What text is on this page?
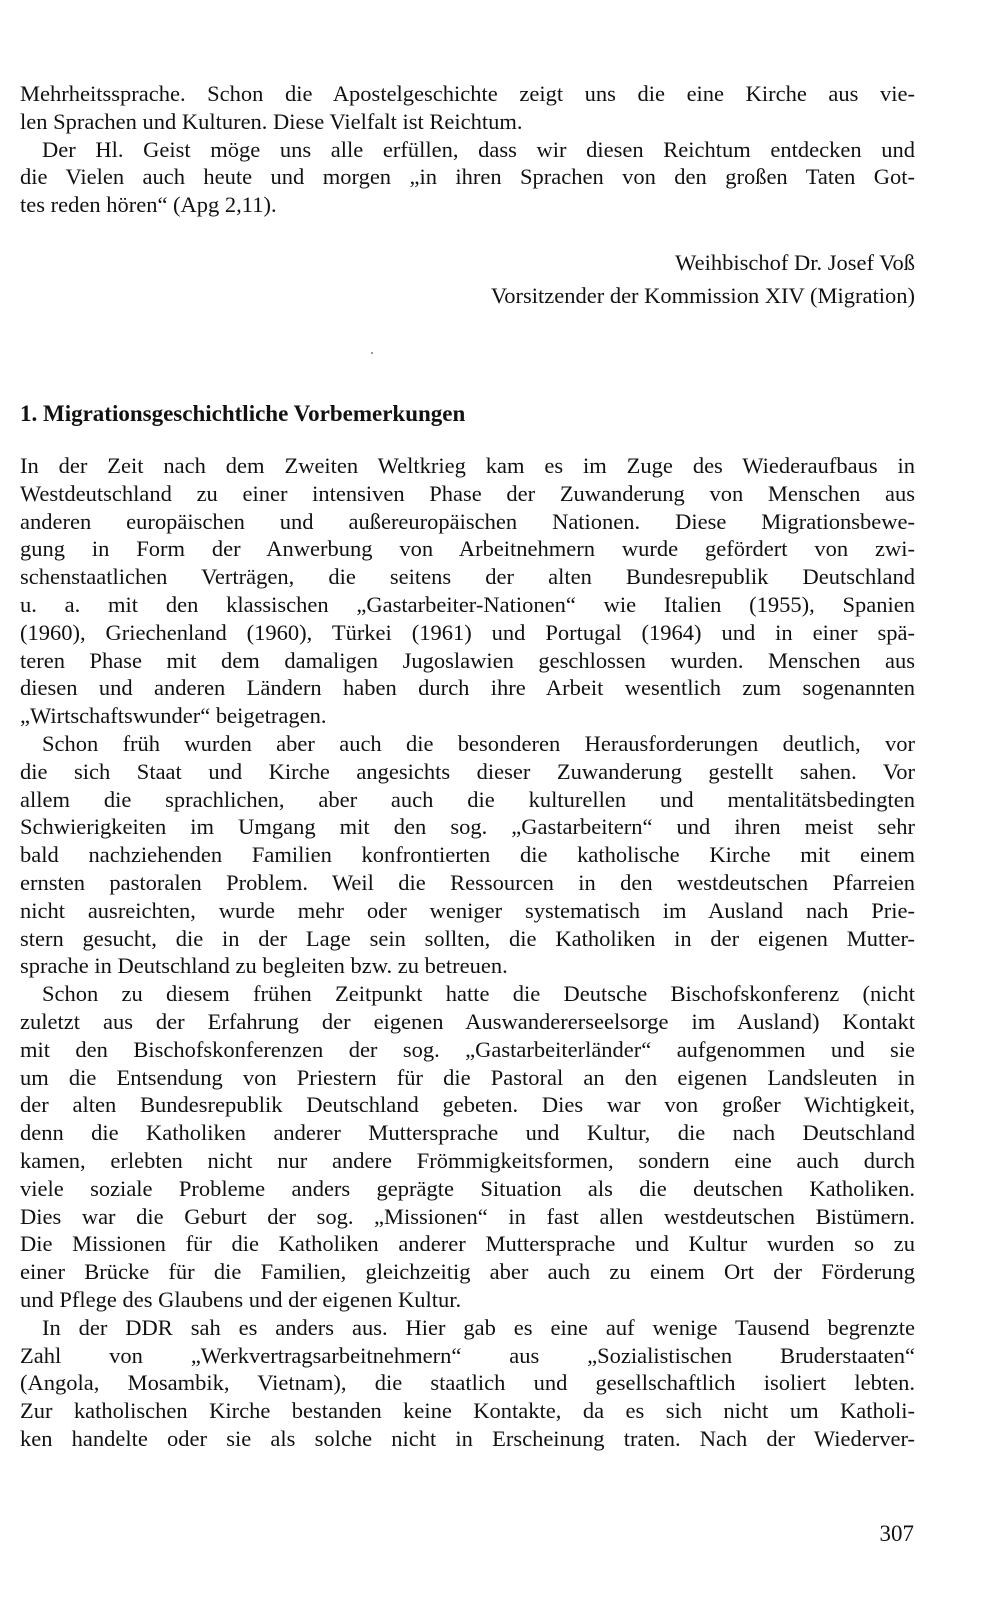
Mehrheitssprache. Schon die Apostelgeschichte zeigt uns die eine Kirche aus vie-
len Sprachen und Kulturen. Diese Vielfalt ist Reichtum.
Der Hl. Geist möge uns alle erfüllen, dass wir diesen Reichtum entdecken und
die Vielen auch heute und morgen „in ihren Sprachen von den großen Taten Got-
tes reden hören“ (Apg 2,11).
Weihbischof Dr. Josef Voß
Vorsitzender der Kommission XIV (Migration)
1. Migrationsgeschichtliche Vorbemerkungen
In der Zeit nach dem Zweiten Weltkrieg kam es im Zuge des Wiederaufbaus in
Westdeutschland zu einer intensiven Phase der Zuwanderung von Menschen aus
anderen europäischen und außereuropäischen Nationen. Diese Migrationsbewe-
gung in Form der Anwerbung von Arbeitnehmern wurde gefördert von zwi-
schenstaatlichen Verträgen, die seitens der alten Bundesrepublik Deutschland
u. a. mit den klassischen „Gastarbeiter-Nationen“ wie Italien (1955), Spanien
(1960), Griechenland (1960), Türkei (1961) und Portugal (1964) und in einer spä-
teren Phase mit dem damaligen Jugoslawien geschlossen wurden. Menschen aus
diesen und anderen Ländern haben durch ihre Arbeit wesentlich zum sogenannten
„Wirtschaftswunder“ beigetragen.
Schon früh wurden aber auch die besonderen Herausforderungen deutlich, vor
die sich Staat und Kirche angesichts dieser Zuwanderung gestellt sahen. Vor
allem die sprachlichen, aber auch die kulturellen und mentalitätsbedingten
Schwierigkeiten im Umgang mit den sog. „Gastarbeitern“ und ihren meist sehr
bald nachziehenden Familien konfrontierten die katholische Kirche mit einem
ernsten pastoralen Problem. Weil die Ressourcen in den westdeutschen Pfarreien
nicht ausreichten, wurde mehr oder weniger systematisch im Ausland nach Prie-
stern gesucht, die in der Lage sein sollten, die Katholiken in der eigenen Mutter-
sprache in Deutschland zu begleiten bzw. zu betreuen.
Schon zu diesem frühen Zeitpunkt hatte die Deutsche Bischofskonferenz (nicht
zuletzt aus der Erfahrung der eigenen Auswandererseelsorge im Ausland) Kontakt
mit den Bischofskonferenzen der sog. „Gastarbeiterländer“ aufgenommen und sie
um die Entsendung von Priestern für die Pastoral an den eigenen Landsleuten in
der alten Bundesrepublik Deutschland gebeten. Dies war von großer Wichtigkeit,
denn die Katholiken anderer Muttersprache und Kultur, die nach Deutschland
kamen, erlebten nicht nur andere Frömmigkeitsformen, sondern eine auch durch
viele soziale Probleme anders geprägte Situation als die deutschen Katholiken.
Dies war die Geburt der sog. „Missionen“ in fast allen westdeutschen Bistümern.
Die Missionen für die Katholiken anderer Muttersprache und Kultur wurden so zu
einer Brücke für die Familien, gleichzeitig aber auch zu einem Ort der Förderung
und Pflege des Glaubens und der eigenen Kultur.
In der DDR sah es anders aus. Hier gab es eine auf wenige Tausend begrenzte
Zahl von „Werkvertragsarbeitnehmern“ aus „Sozialistischen Bruderstaaten“
(Angola, Mosambik, Vietnam), die staatlich und gesellschaftlich isoliert lebten.
Zur katholischen Kirche bestanden keine Kontakte, da es sich nicht um Katholi-
ken handelte oder sie als solche nicht in Erscheinung traten. Nach der Wiederver-
307
